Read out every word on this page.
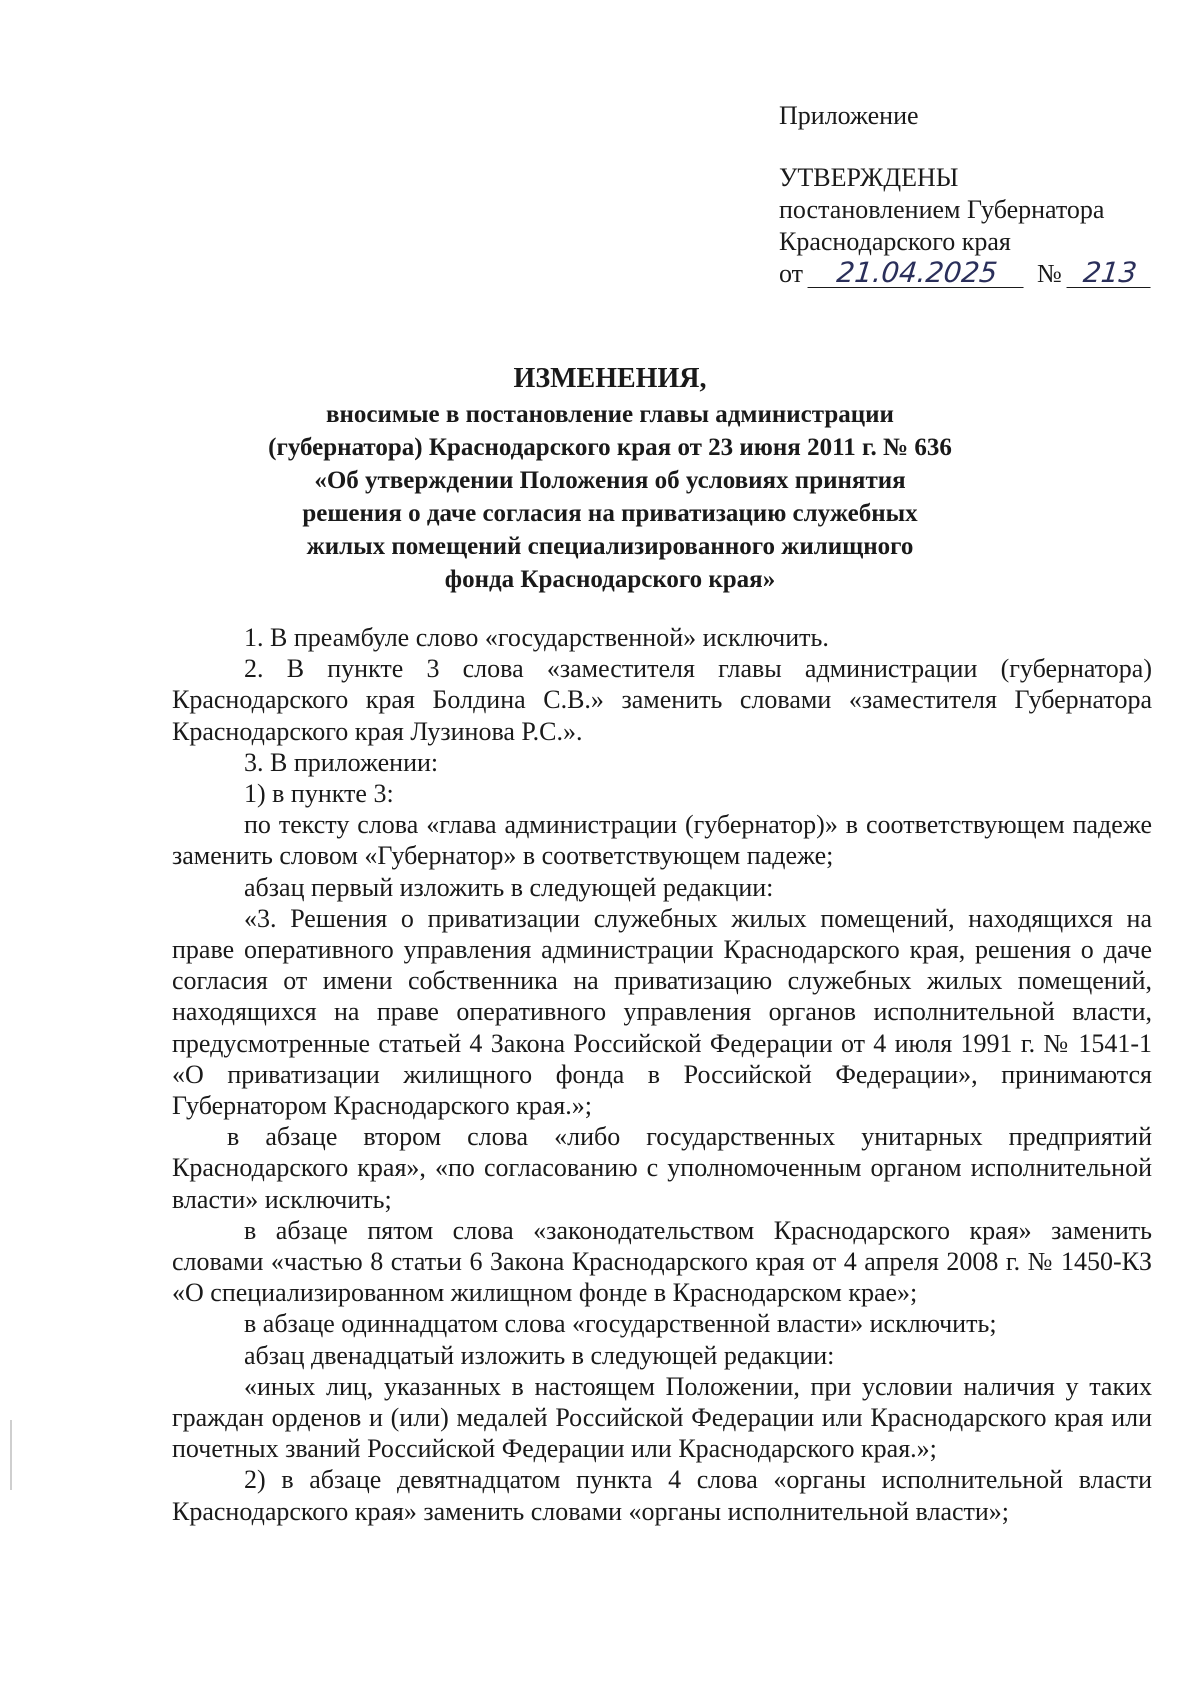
Приложение
УТВЕРЖДЕНЫ
постановлением Губернатора
Краснодарского края
от 21.04.2025 № 213
ИЗМЕНЕНИЯ,
вносимые в постановление главы администрации
(губернатора) Краснодарского края от 23 июня 2011 г. № 636
«Об утверждении Положения об условиях принятия
решения о даче согласия на приватизацию служебных
жилых помещений специализированного жилищного
фонда Краснодарского края»

1. В преамбуле слово «государственной» исключить.

2. В пункте 3 слова «заместителя главы администрации (губернатора) Краснодарского края Болдина С.В.» заменить словами «заместителя Губернатора Краснодарского края Лузинова Р.С.».

3. В приложении:

1) в пункте 3:

по тексту слова «глава администрации (губернатор)» в соответствующем падеже заменить словом «Губернатор» в соответствующем падеже;

абзац первый изложить в следующей редакции:

«3. Решения о приватизации служебных жилых помещений, находящихся на праве оперативного управления администрации Краснодарского края, решения о даче согласия от имени собственника на приватизацию служебных жилых помещений, находящихся на праве оперативного управления органов исполнительной власти, предусмотренные статьей 4 Закона Российской Федерации от 4 июля 1991 г. № 1541-1 «О приватизации жилищного фонда в Российской Федерации», принимаются Губернатором Краснодарского края.»;

в абзаце втором слова «либо государственных унитарных предприятий Краснодарского края», «по согласованию с уполномоченным органом исполнительной власти» исключить;

в абзаце пятом слова «законодательством Краснодарского края» заменить словами «частью 8 статьи 6 Закона Краснодарского края от 4 апреля 2008 г. № 1450-КЗ «О специализированном жилищном фонде в Краснодарском крае»;

в абзаце одиннадцатом слова «государственной власти» исключить;

абзац двенадцатый изложить в следующей редакции:

«иных лиц, указанных в настоящем Положении, при условии наличия у таких граждан орденов и (или) медалей Российской Федерации или Краснодарского края или почетных званий Российской Федерации или Краснодарского края.»;

2) в абзаце девятнадцатом пункта 4 слова «органы исполнительной власти Краснодарского края» заменить словами «органы исполнительной власти»;
